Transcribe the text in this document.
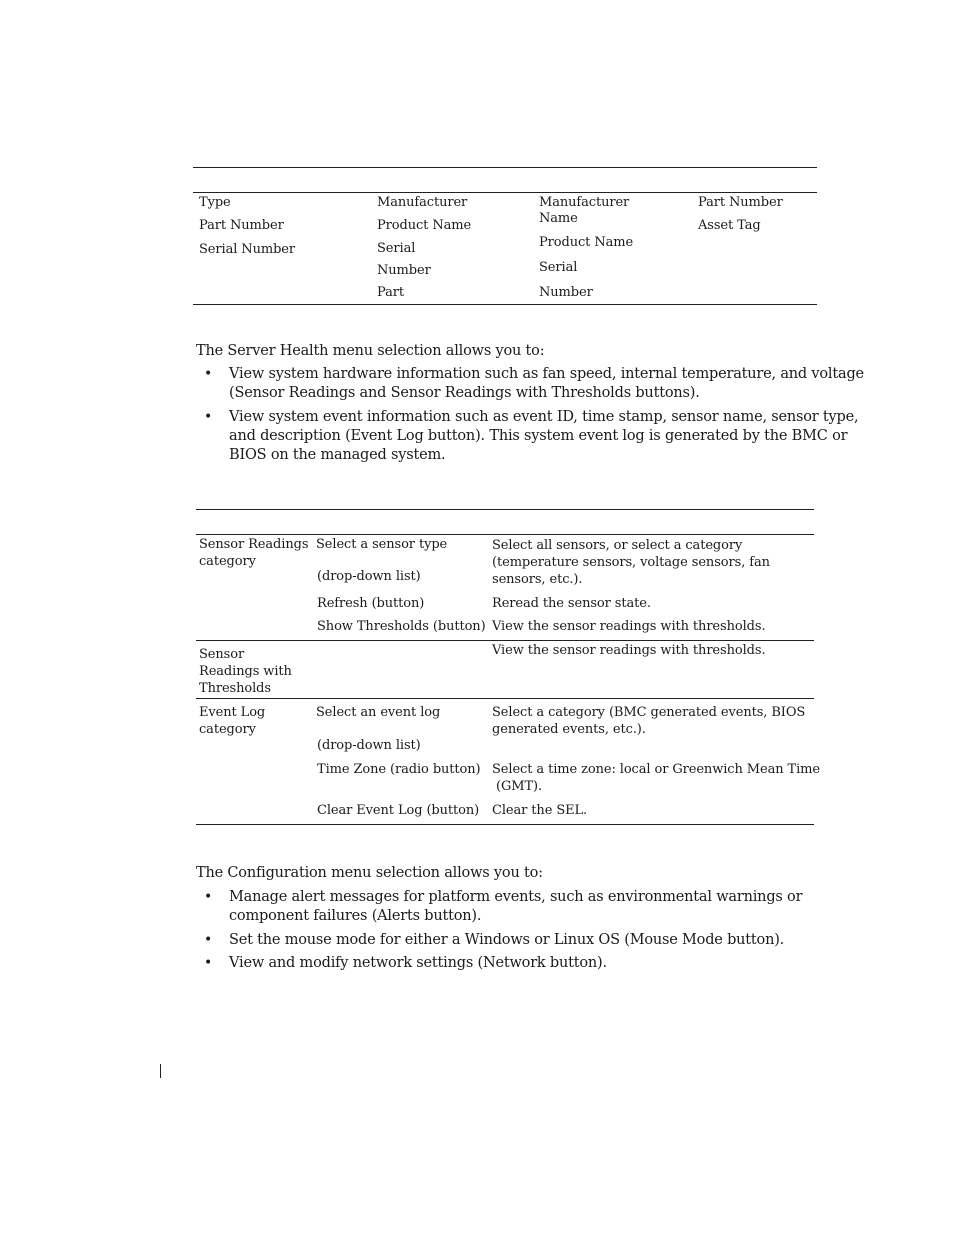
Type
Part Number
Serial Number
Manufacturer
Product Name
Serial
Number
Part
Manufacturer
Name
Product Name
Serial
Number
Part Number
Asset Tag
The Server Health menu selection allows you to:
• View system hardware information such as fan speed, internal temperature, and voltage
(Sensor Readings and Sensor Readings with Thresholds buttons).
• View system event information such as event ID, time stamp, sensor name, sensor type,
and description (Event Log button). This system event log is generated by the BMC or
BIOS on the managed system.
Sensor Readings
category
Select a sensor type
(drop-down list)
Select all sensors, or select a category
(temperature sensors, voltage sensors, fan
sensors, etc.).
Refresh (button)	Reread the sensor state.
Show Thresholds (button) View the sensor readings with thresholds.
Sensor
Readings with
Thresholds
View the sensor readings with thresholds.
Event Log
category
Select an event log
(drop-down list)
Select a category (BMC generated events, BIOS
generated events, etc.).
Time Zone (radio button) Select a time zone: local or Greenwich Mean Time
(GMT).
Clear Event Log (button) Clear the SEL.
The Configuration menu selection allows you to:
• Manage alert messages for platform events, such as environmental warnings or
component failures (Alerts button).
• Set the mouse mode for either a Windows or Linux OS (Mouse Mode button).
• View and modify network settings (Network button).
